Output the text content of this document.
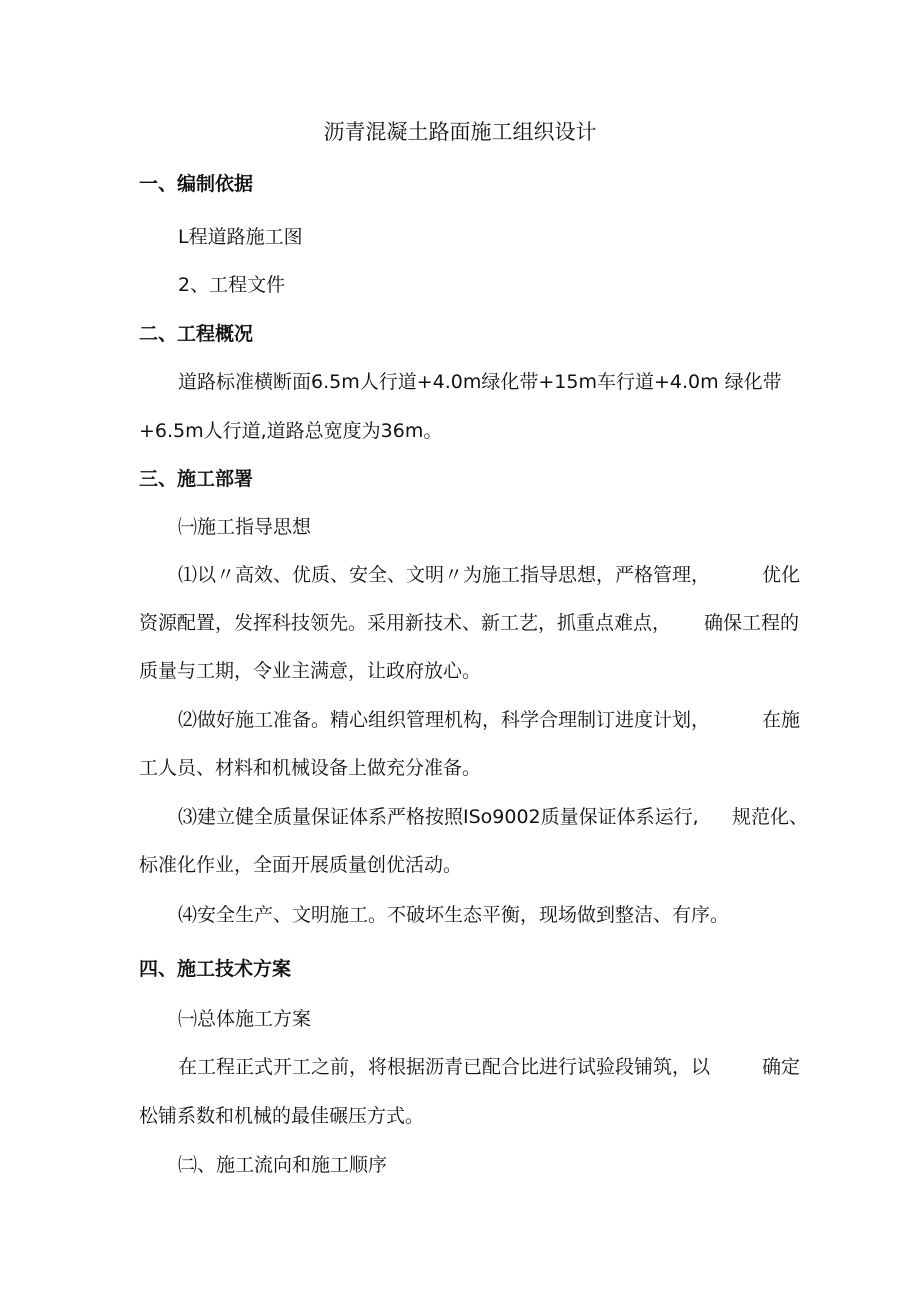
沥青混凝土路面施工组织设计
一、编制依据
L程道路施工图
2、工程文件
二、工程概况
道路标准横断面6.5m人行道+4.0m绿化带+15m车行道+4.0m 绿化带
+6.5m人行道,道路总宽度为36m。
三、施工部署
㈠施工指导思想
⑴以〃高效、优质、安全、文明〃为施工指导思想，严格管理，	优化
资源配置，发挥科技领先。采用新技术、新工艺，抓重点难点， 确保工程的
质量与工期，令业主满意，让政府放心。
⑵做好施工准备。精心组织管理机构，科学合理制订进度计划，	在施
工人员、材料和机械设备上做充分准备。
⑶建立健全质量保证体系严格按照ISo9002质量保证体系运行, 规范化、
标准化作业，全面开展质量创优活动。
⑷安全生产、文明施工。不破坏生态平衡，现场做到整洁、有序。
四、施工技术方案
㈠总体施工方案
在工程正式开工之前，将根据沥青已配合比进行试验段铺筑，以	确定
松铺系数和机械的最佳碾压方式。
㈡、施工流向和施工顺序
